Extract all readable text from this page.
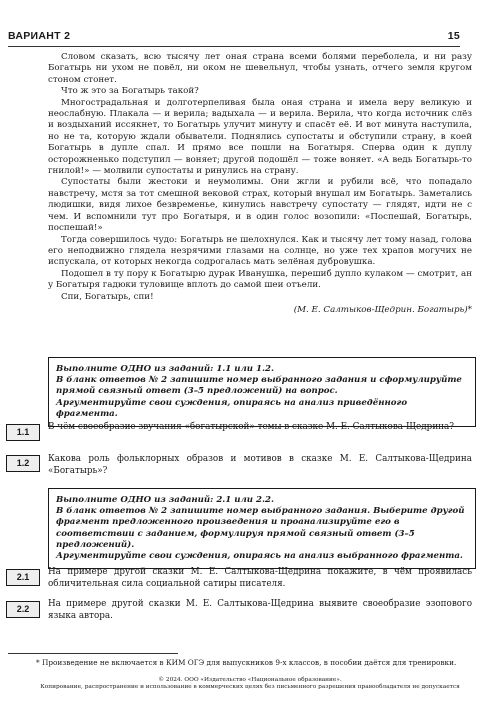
ВАРИАНТ 2	15

Словом сказать, всю тысячу лет оная страна всеми болями переболела, и ни разу Богатырь ни ухом не повёл, ни оком не шевельнул, чтобы узнать, отчего земля кругом стоном стонет.

Что ж это за Богатырь такой?

Многострадальная и долготерпеливая была оная страна и имела веру великую и неослабную. Плакала — и верила; вадыхала — и верила. Верила, что когда источник слёз и воздыханий иссякнет, то Богатырь улучит минуту и спасёт её. И вот минута наступила, но не та, которую ждали обыватели. Поднялись супостаты и обступили страну, в коей Богатырь в дупле спал. И прямо все пошли на Богатыря. Сперва один к дуплу осторожненько подступил — воняет; другой подошёл — тоже воняет. «А ведь Богатырь-то гнилой!» — молвили супостаты и ринулись на страну.

Супостаты были жестоки и неумолимы. Они жгли и рубили всё, что попадало навстречу, мстя за тот смешной вековой страх, который внушал им Богатырь. Заметались людишки, видя лихое безвременье, кинулись навстречу супостату — глядят, идти не с чем. И вспомнили тут про Богатыря, и в один голос возопили: «Поспешай, Богатырь, поспешай!»

Тогда совершилось чудо: Богатырь не шелохнулся. Как и тысячу лет тому назад, голова его неподвижно глядела незрячими глазами на солнце, но уже тех храпов могучих не испускала, от которых некогда содрогалась мать зелёная дубровушка.

Подошел в ту пору к Богатырю дурак Иванушка, перешиб дупло кулаком — смотрит, ан у Богатыря гадюки туловище вплоть до самой шеи отъели.

Спи, Богатырь, спи!

(М. Е. Салтыков-Щедрин. Богатырь)*

Выполните ОДНО из заданий: 1.1 или 1.2.

В бланк ответов № 2 запишите номер выбранного задания и сформулируйте прямой связный ответ (3–5 предложений) на вопрос.

Аргументируйте свои суждения, опираясь на анализ приведённого фрагмента.

1.1	В чём своеобразие звучания «богатырской» темы в сказке М. Е. Салтыкова-Щедрина?
1.2	Какова роль фольклорных образов и мотивов в сказке М. Е. Салтыкова-Щедрина «Богатырь»?

Выполните ОДНО из заданий: 2.1 или 2.2.

В бланк ответов № 2 запишите номер выбранного задания. Выберите другой фрагмент предложенного произведения и проанализируйте его в соответствии с заданием, формулируя прямой связный ответ (3–5 предложений).

Аргументируйте свои суждения, опираясь на анализ выбранного фрагмента.

2.1	На примере другой сказки М. Е. Салтыкова-Щедрина покажите, в чём проявилась обличительная сила социальной сатиры писателя.
2.2	На примере другой сказки М. Е. Салтыкова-Щедрина выявите своеобразие эзопового языка автора.
* Произведение не включается в КИМ ОГЭ для выпускников 9-х классов, в пособии даётся для тренировки.
© 2024. ООО «Издательство «Национальное образование».
Копирование, распространение и использование в коммерческих целях без письменного разрешения правообладателя не допускается
